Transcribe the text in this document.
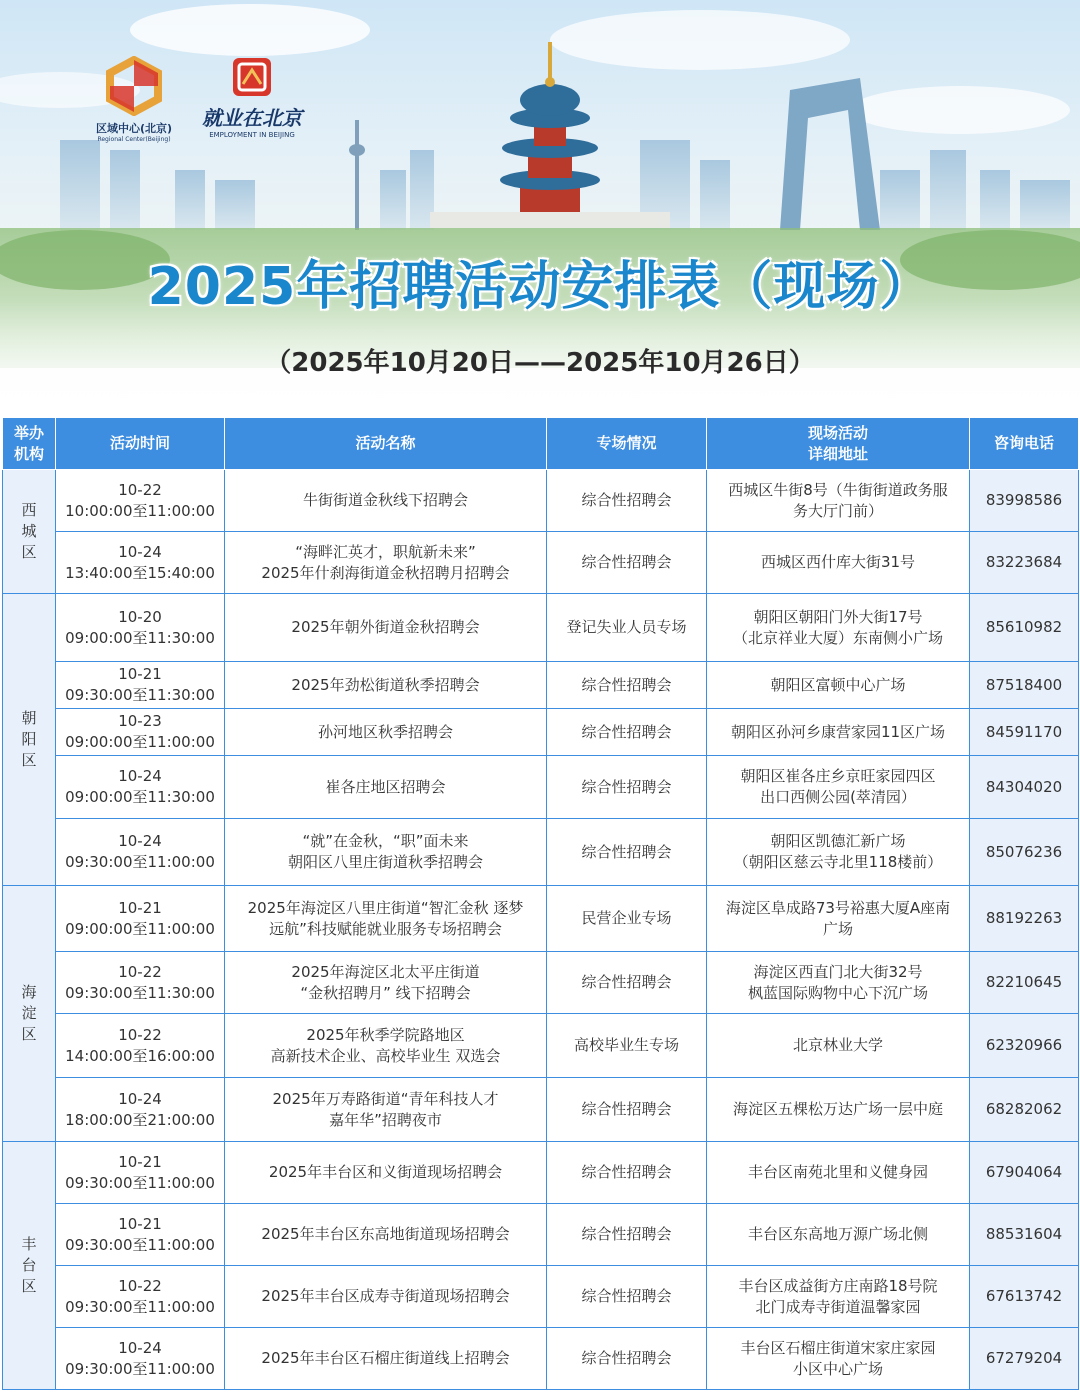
区域中心(北京)
Regional Center(Beijing)
就业在北京
EMPLOYMENT IN BEIJING
2025年招聘活动安排表（现场）
（2025年10月20日——2025年10月26日）
举办
机构	活动时间	活动名称	专场情况	现场活动
详细地址	咨询电话

西
城
区	10-22
10:00:00至11:00:00	牛街街道金秋线下招聘会	综合性招聘会	西城区牛街8号（牛街街道政务服
务大厅门前）	83998586

	10-24
13:40:00至15:40:00	“海畔汇英才，职航新未来”
2025年什刹海街道金秋招聘月招聘会	综合性招聘会	西城区西什库大街31号	83223684

朝
阳
区	10-20
09:00:00至11:30:00	2025年朝外街道金秋招聘会	登记失业人员专场	朝阳区朝阳门外大街17号
（北京祥业大厦）东南侧小广场	85610982

	10-21
09:30:00至11:30:00	2025年劲松街道秋季招聘会	综合性招聘会	朝阳区富顿中心广场	87518400

	10-23
09:00:00至11:00:00	孙河地区秋季招聘会	综合性招聘会	朝阳区孙河乡康营家园11区广场	84591170

	10-24
09:00:00至11:30:00	崔各庄地区招聘会	综合性招聘会	朝阳区崔各庄乡京旺家园四区
出口西侧公园(萃清园）	84304020

	10-24
09:30:00至11:00:00	“就”在金秋，“职”面未来
朝阳区八里庄街道秋季招聘会	综合性招聘会	朝阳区凯德汇新广场
（朝阳区慈云寺北里118楼前）	85076236

海
淀
区	10-21
09:00:00至11:00:00	2025年海淀区八里庄街道“智汇金秋 逐梦
远航”科技赋能就业服务专场招聘会	民营企业专场	海淀区阜成路73号裕惠大厦A座南
广场	88192263

	10-22
09:30:00至11:30:00	2025年海淀区北太平庄街道
“金秋招聘月” 线下招聘会	综合性招聘会	海淀区西直门北大街32号
枫蓝国际购物中心下沉广场	82210645

	10-22
14:00:00至16:00:00	2025年秋季学院路地区
高新技术企业、高校毕业生 双选会	高校毕业生专场	北京林业大学	62320966

	10-24
18:00:00至21:00:00	2025年万寿路街道“青年科技人才
嘉年华”招聘夜市	综合性招聘会	海淀区五棵松万达广场一层中庭	68282062

丰
台
区	10-21
09:30:00至11:00:00	2025年丰台区和义街道现场招聘会	综合性招聘会	丰台区南苑北里和义健身园	67904064

	10-21
09:30:00至11:00:00	2025年丰台区东高地街道现场招聘会	综合性招聘会	丰台区东高地万源广场北侧	88531604

	10-22
09:30:00至11:00:00	2025年丰台区成寿寺街道现场招聘会	综合性招聘会	丰台区成益街方庄南路18号院
北门成寿寺街道温馨家园	67613742

	10-24
09:30:00至11:00:00	2025年丰台区石榴庄街道线上招聘会	综合性招聘会	丰台区石榴庄街道宋家庄家园
小区中心广场	67279204
